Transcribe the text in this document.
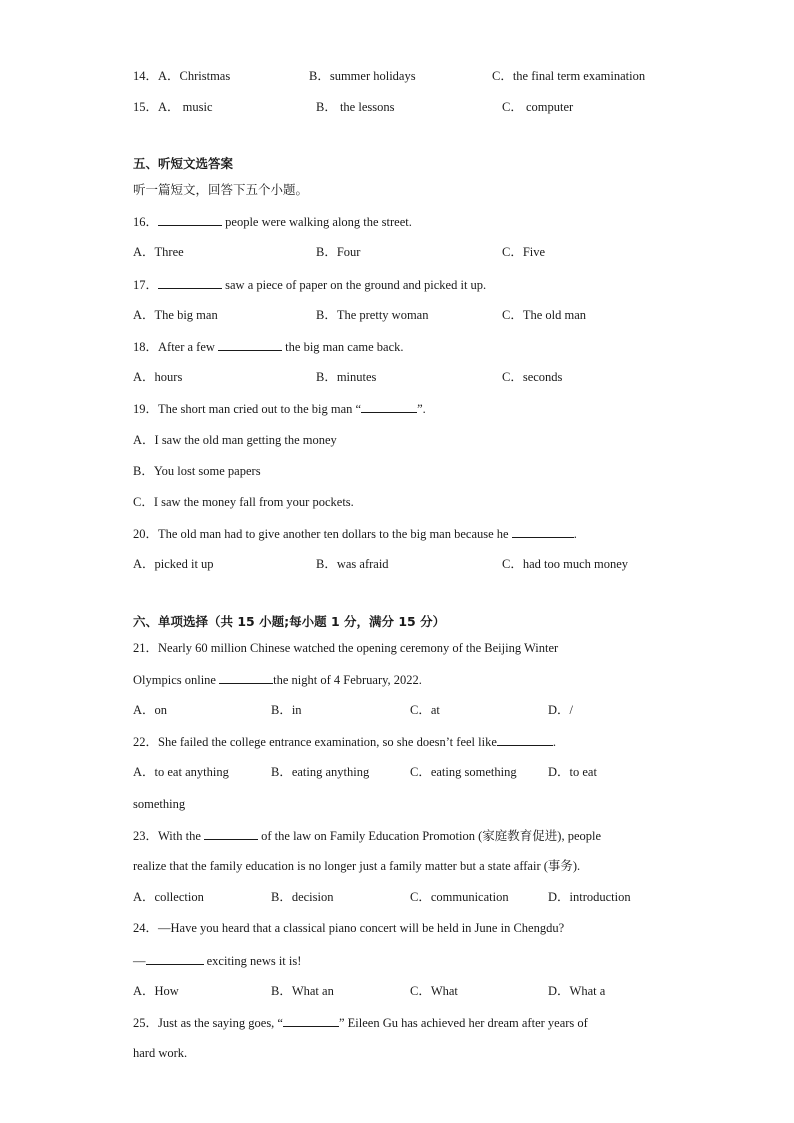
14．A．Christmas	B．summer holidays	C．the final term examination
15．A． music	B． the lessons	C． computer
五、听短文选答案
听一篇短文，回答下五个小题。
16．	people were walking along the street.
A．Three	B．Four	C．Five
17．	saw a piece of paper on the ground and picked it up.
A．The big man	B．The pretty woman	C．The old man
18．After a few	the big man came back.
A．hours	B．minutes	C．seconds
19．The short man cried out to the big man “	”.
A．I saw the old man getting the money
B．You lost some papers
C．I saw the money fall from your pockets.
20．The old man had to give another ten dollars to the big man because he	.
A．picked it up	B．was afraid	C．had too much money
六、单项选择（共 15 小题;每小题 1 分，满分 15 分）
21．Nearly 60 million Chinese watched the opening ceremony of the Beijing Winter
Olympics online	the night of 4 February, 2022.
A．on	B．in	C．at	D．/
22．She failed the college entrance examination, so she doesn’t feel like	.
A．to eat anything	B．eating anything	C．eating something	D．to eat
something
23．With the	of the law on Family Education Promotion (家庭教育促进), people
realize that the family education is no longer just a family matter but a state affair (事务).
A．collection	B．decision	C．communication	D．introduction
24．—Have you heard that a classical piano concert will be held in June in Chengdu?
—	exciting news it is!
A．How	B．What an	C．What	D．What a
25．Just as the saying goes, “	” Eileen Gu has achieved her dream after years of
hard work.
